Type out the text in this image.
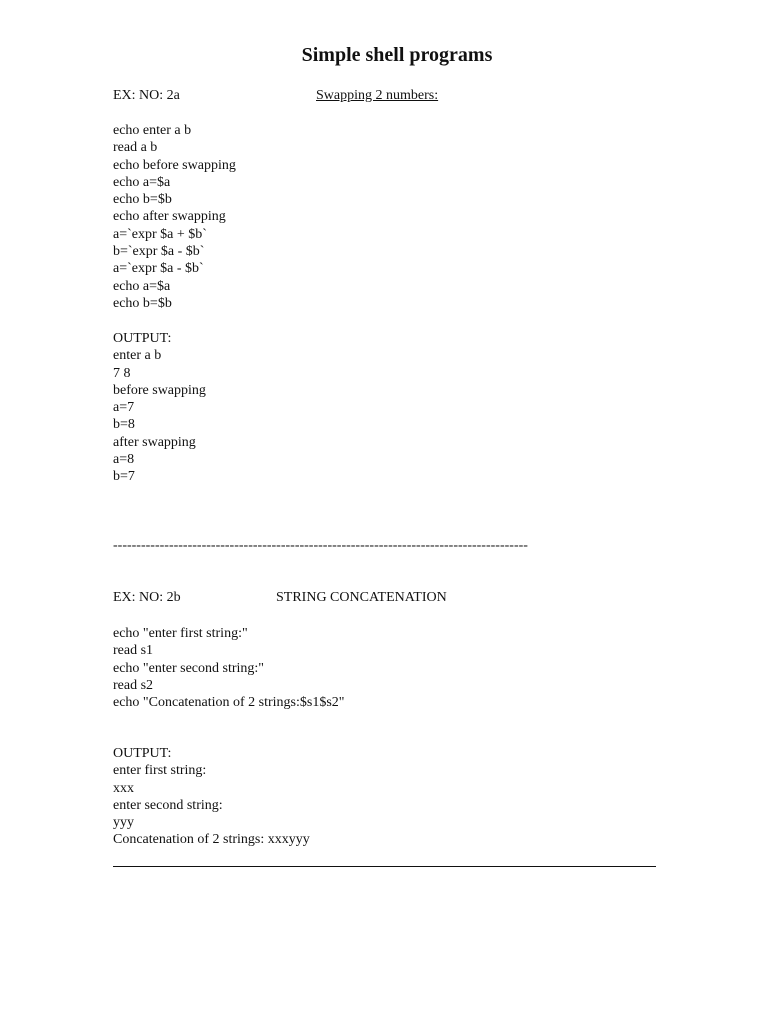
Simple shell programs
EX: NO: 2a	Swapping 2 numbers:
echo enter a b
read a b
echo before swapping
echo a=$a
echo b=$b
echo after swapping
a=`expr $a + $b`
b=`expr $a - $b`
a=`expr $a - $b`
echo a=$a
echo b=$b
OUTPUT:
enter a b
7 8
before swapping
a=7
b=8
after swapping
a=8
b=7
-----------------------------------------------------------------------------------------
EX: NO: 2b	STRING CONCATENATION
echo "enter first string:"
read s1
echo "enter second string:"
read s2
echo "Concatenation of 2 strings:$s1$s2"
OUTPUT:
enter first string:
xxx
enter second string:
yyy
Concatenation of 2 strings: xxxyyy
